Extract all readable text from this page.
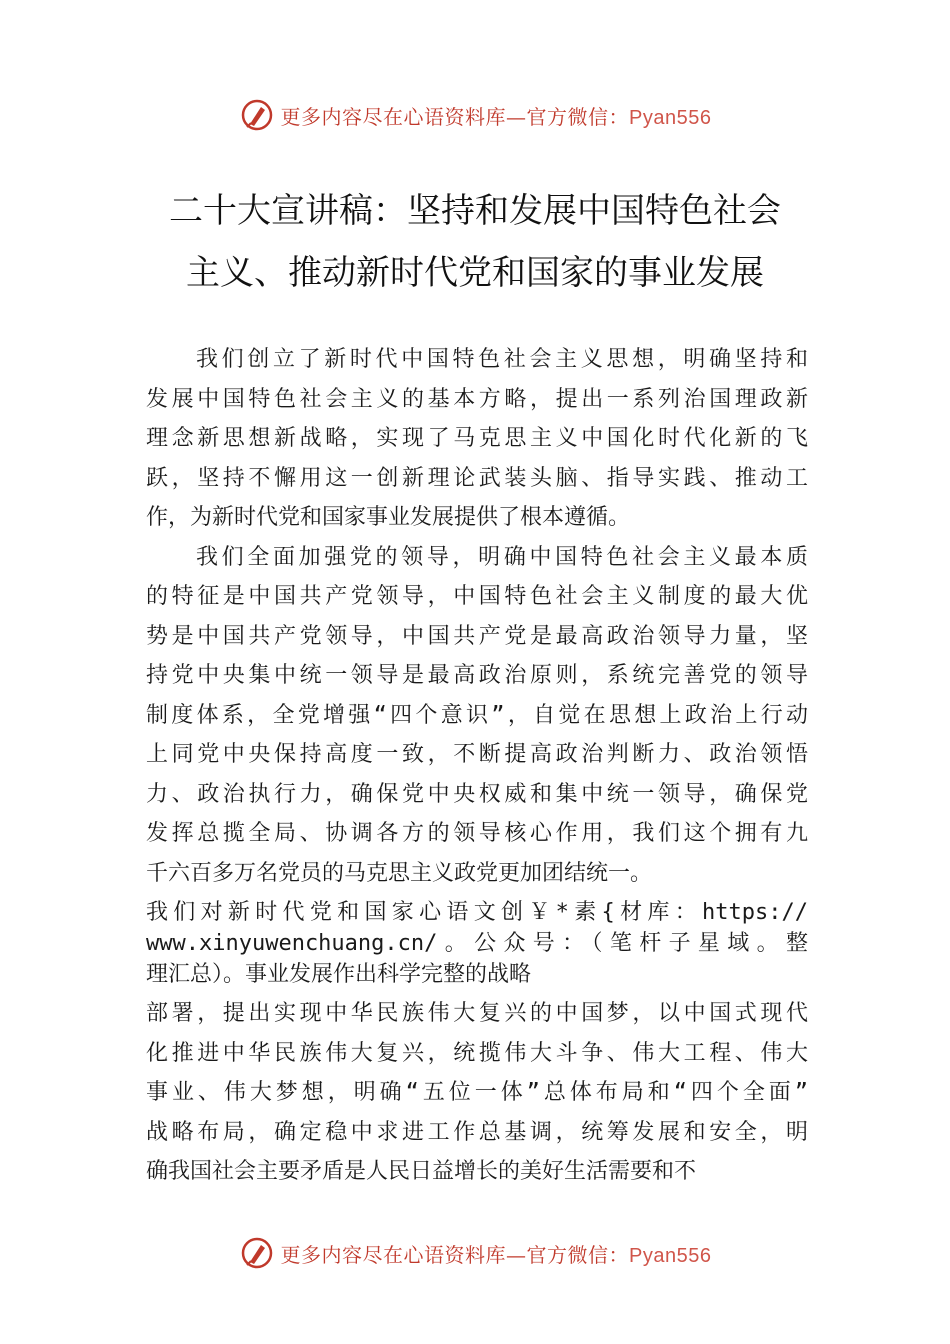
更多内容尽在心语资料库—官方微信：Pyan556
二十大宣讲稿：坚持和发展中国特色社会
主义、推动新时代党和国家的事业发展

我们创立了新时代中国特色社会主义思想，明确坚持和
发展中国特色社会主义的基本方略，提出一系列治国理政新
理念新思想新战略，实现了马克思主义中国化时代化新的飞
跃，坚持不懈用这一创新理论武装头脑、指导实践、推动工
作，为新时代党和国家事业发展提供了根本遵循。

我们全面加强党的领导，明确中国特色社会主义最本质
的特征是中国共产党领导，中国特色社会主义制度的最大优
势是中国共产党领导，中国共产党是最高政治领导力量，坚
持党中央集中统一领导是最高政治原则，系统完善党的领导
制度体系，全党增强“四个意识”，自觉在思想上政治上行动
上同党中央保持高度一致，不断提高政治判断力、政治领悟
力、政治执行力，确保党中央权威和集中统一领导，确保党
发挥总揽全局、协调各方的领导核心作用，我们这个拥有九
千六百多万名党员的马克思主义政党更加团结统一。

我们对新时代党和国家心语文创￥*素{材库：https://
www.xinyuwenchuang.cn/。公众号：（笔杆子星域。整
理汇总）。事业发展作出科学完整的战略

部署，提出实现中华民族伟大复兴的中国梦，以中国式现代
化推进中华民族伟大复兴，统揽伟大斗争、伟大工程、伟大
事业、伟大梦想，明确“五位一体”总体布局和“四个全面”
战略布局，确定稳中求进工作总基调，统筹发展和安全，明
确我国社会主要矛盾是人民日益增长的美好生活需要和不

更多内容尽在心语资料库—官方微信：Pyan556
